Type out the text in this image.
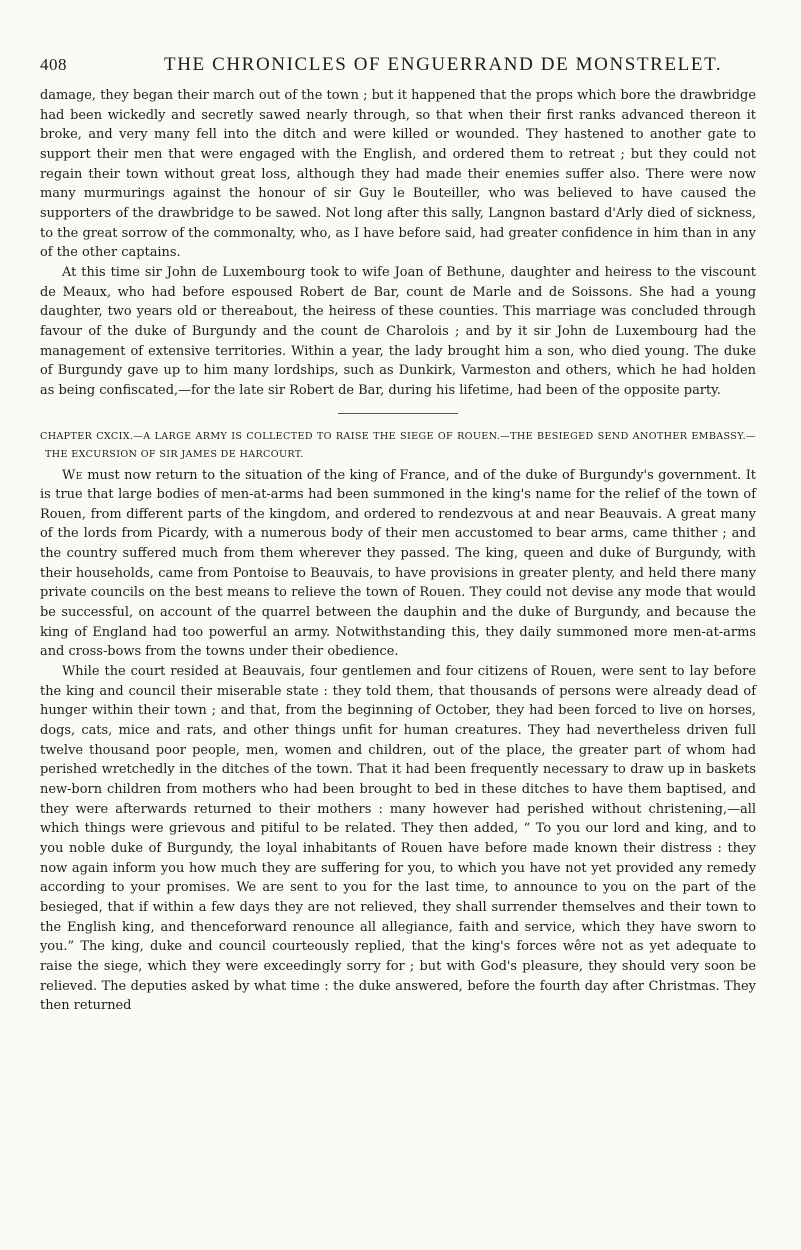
408	THE CHRONICLES OF ENGUERRAND DE MONSTRELET.

damage, they began their march out of the town ; but it happened that the props which bore the drawbridge had been wickedly and secretly sawed nearly through, so that when their first ranks advanced thereon it broke, and very many fell into the ditch and were killed or wounded. They hastened to another gate to support their men that were engaged with the English, and ordered them to retreat ; but they could not regain their town without great loss, although they had made their enemies suffer also. There were now many murmurings against the honour of sir Guy le Bouteiller, who was believed to have caused the supporters of the drawbridge to be sawed. Not long after this sally, Langnon bastard d'Arly died of sickness, to the great sorrow of the commonalty, who, as I have before said, had greater confidence in him than in any of the other captains.

At this time sir John de Luxembourg took to wife Joan of Bethune, daughter and heiress to the viscount de Meaux, who had before espoused Robert de Bar, count de Marle and de Soissons. She had a young daughter, two years old or thereabout, the heiress of these counties. This marriage was concluded through favour of the duke of Burgundy and the count de Charolois ; and by it sir John de Luxembourg had the management of extensive territories. Within a year, the lady brought him a son, who died young. The duke of Burgundy gave up to him many lordships, such as Dunkirk, Varmeston and others, which he had holden as being confiscated,—for the late sir Robert de Bar, during his lifetime, had been of the opposite party.

CHAPTER CXCIX.—A LARGE ARMY IS COLLECTED TO RAISE THE SIEGE OF ROUEN.—THE BESIEGED SEND ANOTHER EMBASSY.—THE EXCURSION OF SIR JAMES DE HARCOURT.

We must now return to the situation of the king of France, and of the duke of Burgundy's government. It is true that large bodies of men-at-arms had been summoned in the king's name for the relief of the town of Rouen, from different parts of the kingdom, and ordered to rendezvous at and near Beauvais. A great many of the lords from Picardy, with a numerous body of their men accustomed to bear arms, came thither ; and the country suffered much from them wherever they passed. The king, queen and duke of Burgundy, with their households, came from Pontoise to Beauvais, to have provisions in greater plenty, and held there many private councils on the best means to relieve the town of Rouen. They could not devise any mode that would be successful, on account of the quarrel between the dauphin and the duke of Burgundy, and because the king of England had too powerful an army. Notwithstanding this, they daily summoned more men-at-arms and cross-bows from the towns under their obedience.

While the court resided at Beauvais, four gentlemen and four citizens of Rouen, were sent to lay before the king and council their miserable state : they told them, that thousands of persons were already dead of hunger within their town ; and that, from the beginning of October, they had been forced to live on horses, dogs, cats, mice and rats, and other things unfit for human creatures. They had nevertheless driven full twelve thousand poor people, men, women and children, out of the place, the greater part of whom had perished wretchedly in the ditches of the town. That it had been frequently necessary to draw up in baskets new-born children from mothers who had been brought to bed in these ditches to have them baptised, and they were afterwards returned to their mothers : many however had perished without christening,—all which things were grievous and pitiful to be related. They then added, “ To you our lord and king, and to you noble duke of Burgundy, the loyal inhabitants of Rouen have before made known their distress : they now again inform you how much they are suffering for you, to which you have not yet provided any remedy according to your promises. We are sent to you for the last time, to announce to you on the part of the besieged, that if within a few days they are not relieved, they shall surrender themselves and their town to the English king, and thenceforward renounce all allegiance, faith and service, which they have sworn to you.” The king, duke and council courteously replied, that the king's forces wêre not as yet adequate to raise the siege, which they were exceedingly sorry for ; but with God's pleasure, they should very soon be relieved. The deputies asked by what time : the duke answered, before the fourth day after Christmas. They then returned
